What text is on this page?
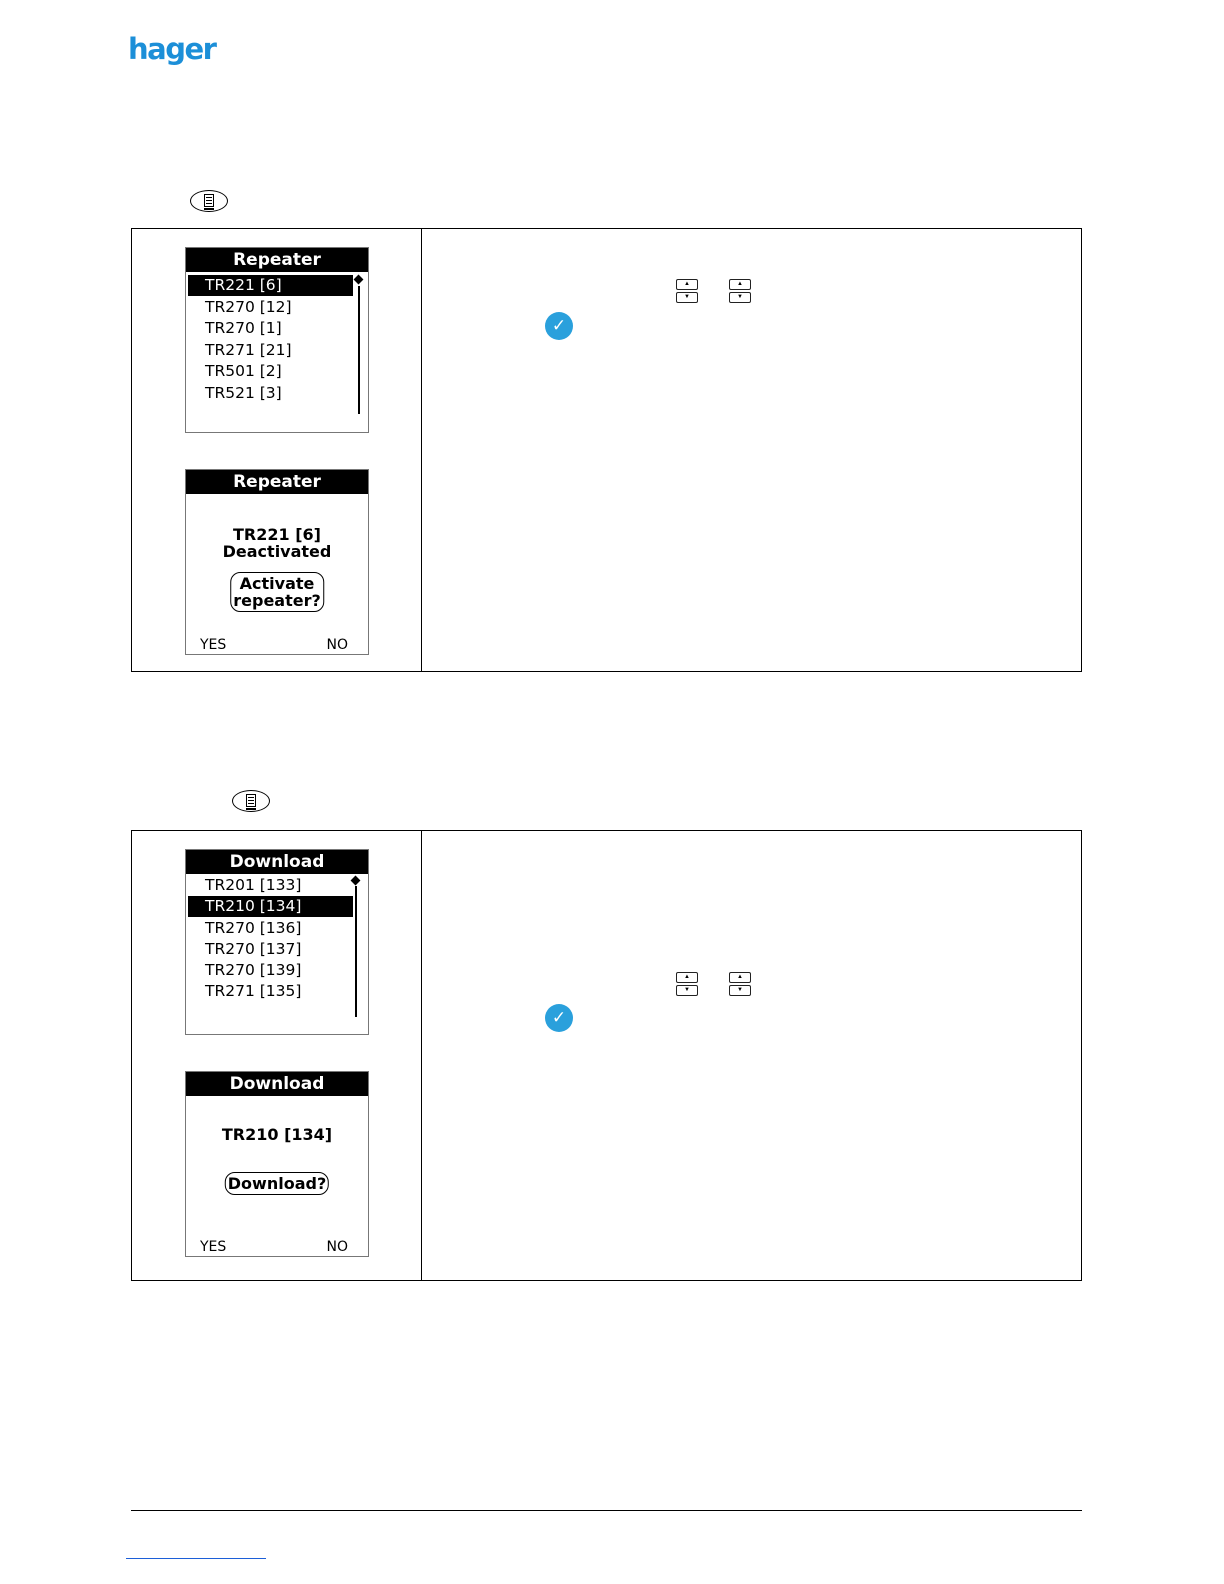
hager
Repeater
TR221 [6]
TR270 [12]
TR270 [1]
TR271 [21]
TR501 [2]
TR521 [3]
Repeater
TR221 [6]
Deactivated
Activate
repeater?
YES	NO
▲
▼
▲
▼
✓
Download
TR201 [133]
TR210 [134]
TR270 [136]
TR270 [137]
TR270 [139]
TR271 [135]
Download
TR210 [134]
Download?
YES	NO
▲
▼
▲
▼
✓
